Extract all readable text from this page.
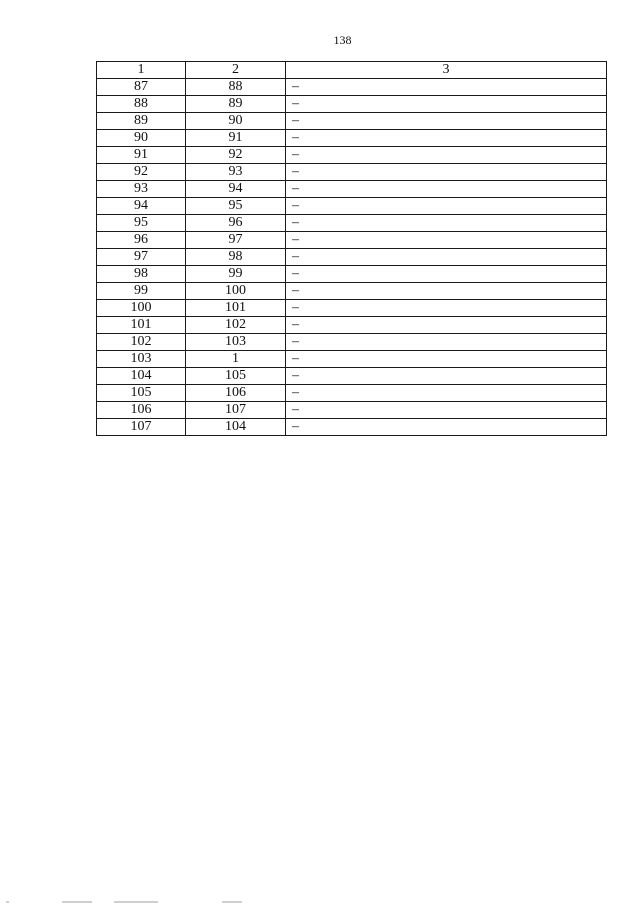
138
1	2	3
87	88	–
88	89	–
89	90	–
90	91	–
91	92	–
92	93	–
93	94	–
94	95	–
95	96	–
96	97	–
97	98	–
98	99	–
99	100	–
100	101	–
101	102	–
102	103	–
103	1	–
104	105	–
105	106	–
106	107	–
107	104	–
